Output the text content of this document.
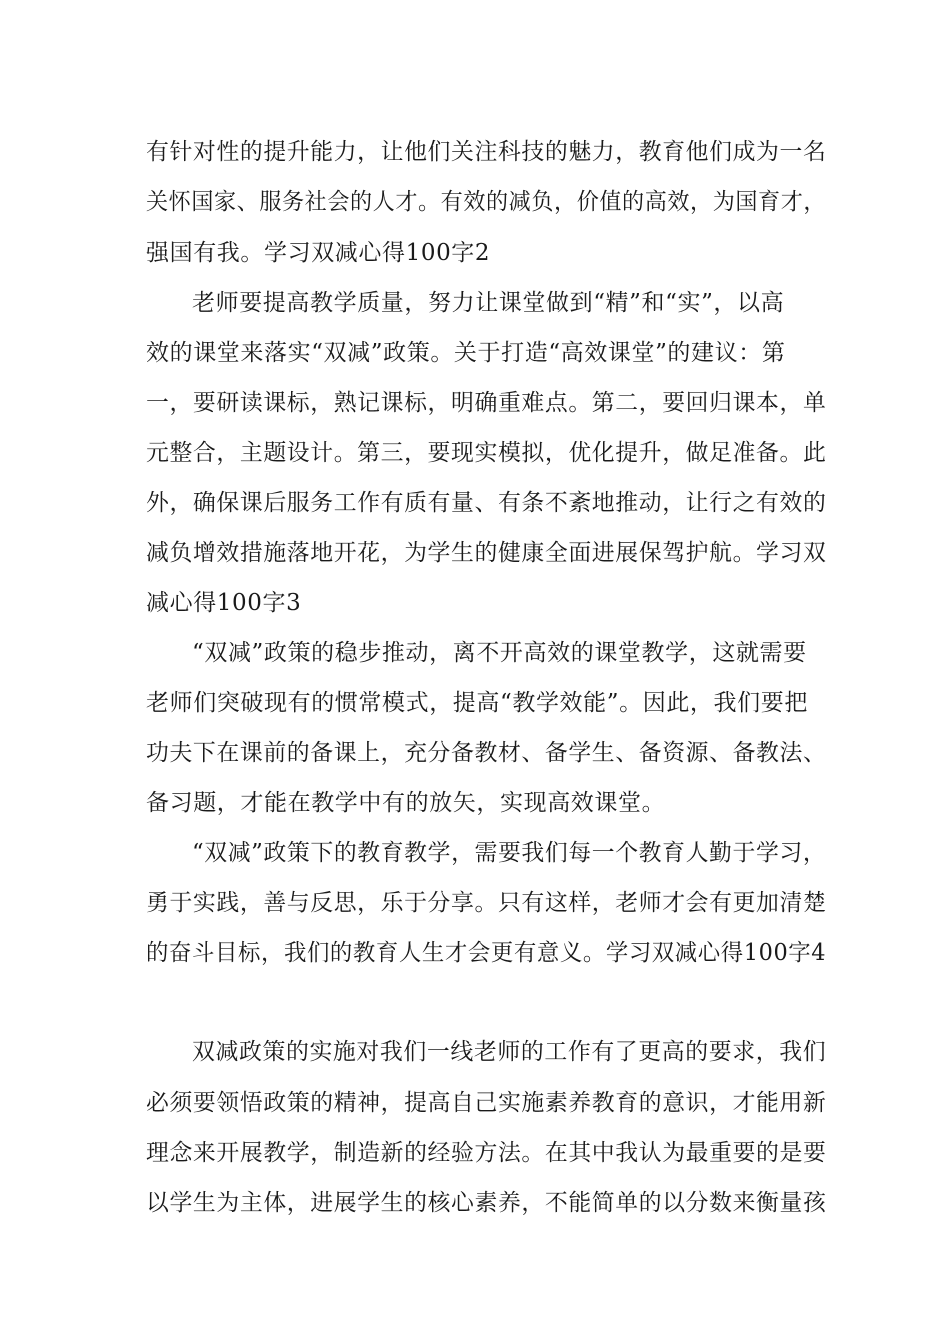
有针对性的提升能力，让他们关注科技的魅力，教育他们成为一名
关怀国家、服务社会的人才。有效的减负，价值的高效，为国育才，
强国有我。学习双减心得100字2
老师要提高教学质量，努力让课堂做到“精”和“实”，以高
效的课堂来落实“双减”政策。关于打造“高效课堂”的建议：第
一，要研读课标，熟记课标，明确重难点。第二，要回归课本，单
元整合，主题设计。第三，要现实模拟，优化提升，做足准备。此
外，确保课后服务工作有质有量、有条不紊地推动，让行之有效的
减负增效措施落地开花，为学生的健康全面进展保驾护航。学习双
减心得100字3
“双减”政策的稳步推动，离不开高效的课堂教学，这就需要
老师们突破现有的惯常模式，提高“教学效能”。因此，我们要把
功夫下在课前的备课上，充分备教材、备学生、备资源、备教法、
备习题，才能在教学中有的放矢，实现高效课堂。
“双减”政策下的教育教学，需要我们每一个教育人勤于学习，
勇于实践，善与反思，乐于分享。只有这样，老师才会有更加清楚
的奋斗目标，我们的教育人生才会更有意义。学习双减心得100字4
双减政策的实施对我们一线老师的工作有了更高的要求，我们
必须要领悟政策的精神，提高自己实施素养教育的意识，才能用新
理念来开展教学，制造新的经验方法。在其中我认为最重要的是要
以学生为主体，进展学生的核心素养，不能简单的以分数来衡量孩
